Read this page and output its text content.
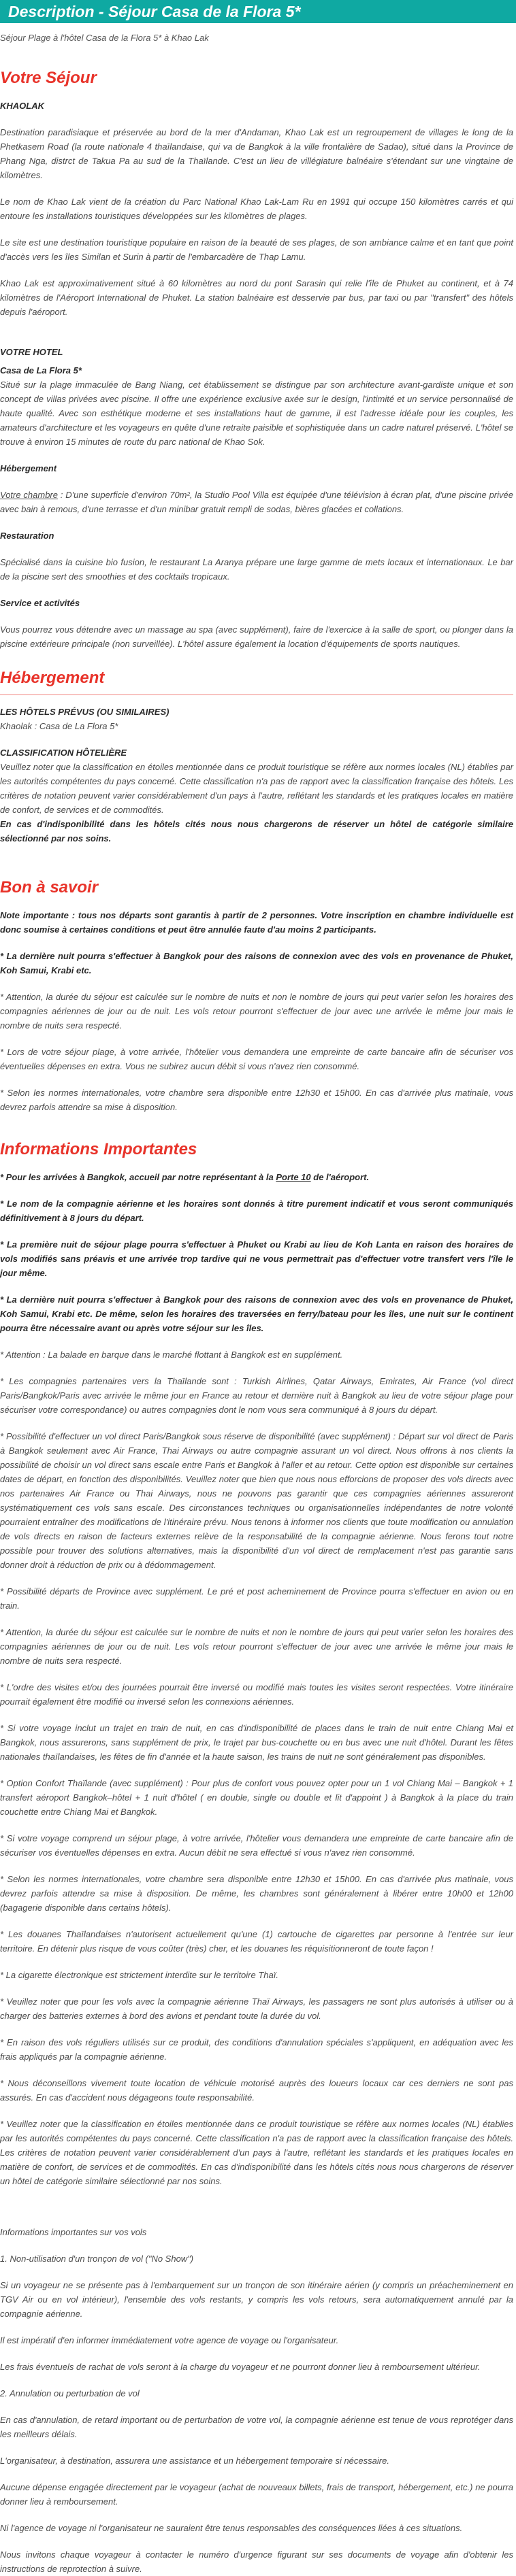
Description - Séjour Casa de la Flora 5*

Séjour Plage à l'hôtel Casa de la Flora 5* à Khao Lak

Votre Séjour

KHAOLAK

Destination paradisiaque et préservée au bord de la mer d'Andaman, Khao Lak est un regroupement de villages le long de la Phetkasem Road (la route nationale 4 thaïlandaise, qui va de Bangkok à la ville frontalière de Sadao), situé dans la Province de Phang Nga, distrct de Takua Pa au sud de la Thaïlande. C'est un lieu de villégiature balnéaire s'étendant sur une vingtaine de kilomètres.

Le nom de Khao Lak vient de la création du Parc National Khao Lak-Lam Ru en 1991 qui occupe 150 kilomètres carrés et qui entoure les installations touristiques développées sur les kilomètres de plages.

Le site est une destination touristique populaire en raison de la beauté de ses plages, de son ambiance calme et en tant que point d'accès vers les îles Similan et Surin à partir de l'embarcadère de Thap Lamu.

Khao Lak est approximativement situé à 60 kilomètres au nord du pont Sarasin qui relie l'île de Phuket au continent, et à 74 kilomètres de l'Aéroport International de Phuket. La station balnéaire est desservie par bus, par taxi ou par "transfert" des hôtels depuis l'aéroport.

VOTRE HOTEL

Casa de La Flora 5*

Situé sur la plage immaculée de Bang Niang, cet établissement se distingue par son architecture avant-gardiste unique et son concept de villas privées avec piscine. Il offre une expérience exclusive axée sur le design, l'intimité et un service personnalisé de haute qualité. Avec son esthétique moderne et ses installations haut de gamme, il est l'adresse idéale pour les couples, les amateurs d'architecture et les voyageurs en quête d'une retraite paisible et sophistiquée dans un cadre naturel préservé. L'hôtel se trouve à environ 15 minutes de route du parc national de Khao Sok.

Hébergement

Votre chambre : D'une superficie d'environ 70m², la Studio Pool Villa est équipée d'une télévision à écran plat, d'une piscine privée avec bain à remous, d'une terrasse et d'un minibar gratuit rempli de sodas, bières glacées et collations.

Restauration

Spécialisé dans la cuisine bio fusion, le restaurant La Aranya prépare une large gamme de mets locaux et internationaux. Le bar de la piscine sert des smoothies et des cocktails tropicaux.

Service et activités

Vous pourrez vous détendre avec un massage au spa (avec supplément), faire de l'exercice à la salle de sport, ou plonger dans la piscine extérieure principale (non surveillée). L'hôtel assure également la location d'équipements de sports nautiques.

Hébergement

LES HÔTELS PRÉVUS (OU SIMILAIRES)

Khaolak : Casa de La Flora 5*

CLASSIFICATION HÔTELIÈRE

Veuillez noter que la classification en étoiles mentionnée dans ce produit touristique se réfère aux normes locales (NL) établies par les autorités compétentes du pays concerné. Cette classification n'a pas de rapport avec la classification française des hôtels. Les critères de notation peuvent varier considérablement d'un pays à l'autre, reflétant les standards et les pratiques locales en matière de confort, de services et de commodités.

En cas d'indisponibilité dans les hôtels cités nous nous chargerons de réserver un hôtel de catégorie similaire sélectionné par nos soins.

Bon à savoir

Note importante : tous nos départs sont garantis à partir de 2 personnes. Votre inscription en chambre individuelle est donc soumise à certaines conditions et peut être annulée faute d'au moins 2 participants.

* La dernière nuit pourra s'effectuer à Bangkok pour des raisons de connexion avec des vols en provenance de Phuket, Koh Samui, Krabi etc.

* Attention, la durée du séjour est calculée sur le nombre de nuits et non le nombre de jours qui peut varier selon les horaires des compagnies aériennes de jour ou de nuit. Les vols retour pourront s'effectuer de jour avec une arrivée le même jour mais le nombre de nuits sera respecté.

* Lors de votre séjour plage, à votre arrivée, l'hôtelier vous demandera une empreinte de carte bancaire afin de sécuriser vos éventuelles dépenses en extra. Vous ne subirez aucun débit si vous n'avez rien consommé.

* Selon les normes internationales, votre chambre sera disponible entre 12h30 et 15h00. En cas d'arrivée plus matinale, vous devrez parfois attendre sa mise à disposition.

Informations Importantes

* Pour les arrivées à Bangkok, accueil par notre représentant à la Porte 10 de l'aéroport.

* Le nom de la compagnie aérienne et les horaires sont donnés à titre purement indicatif et vous seront communiqués définitivement à 8 jours du départ.

* La première nuit de séjour plage pourra s'effectuer à Phuket ou Krabi au lieu de Koh Lanta en raison des horaires de vols modifiés sans préavis et une arrivée trop tardive qui ne vous permettrait pas d'effectuer votre transfert vers l'île le jour même.

* La dernière nuit pourra s'effectuer à Bangkok pour des raisons de connexion avec des vols en provenance de Phuket, Koh Samui, Krabi etc. De même, selon les horaires des traversées en ferry/bateau pour les îles, une nuit sur le continent pourra être nécessaire avant ou après votre séjour sur les îles.

* Attention : La balade en barque dans le marché flottant à Bangkok est en supplément.

* Les compagnies partenaires vers la Thaïlande sont : Turkish Airlines, Qatar Airways, Emirates, Air France (vol direct Paris/Bangkok/Paris avec arrivée le même jour en France au retour et dernière nuit à Bangkok au lieu de votre séjour plage pour sécuriser votre correspondance) ou autres compagnies dont le nom vous sera communiqué à 8 jours du départ.

* Possibilité d'effectuer un vol direct Paris/Bangkok sous réserve de disponibilité (avec supplément) : Départ sur vol direct de Paris à Bangkok seulement avec Air France, Thai Airways ou autre compagnie assurant un vol direct. Nous offrons à nos clients la possibilité de choisir un vol direct sans escale entre Paris et Bangkok à l'aller et au retour. Cette option est disponible sur certaines dates de départ, en fonction des disponibilités. Veuillez noter que bien que nous nous efforcions de proposer des vols directs avec nos partenaires Air France ou Thai Airways, nous ne pouvons pas garantir que ces compagnies aériennes assureront systématiquement ces vols sans escale. Des circonstances techniques ou organisationnelles indépendantes de notre volonté pourraient entraîner des modifications de l'itinéraire prévu. Nous tenons à informer nos clients que toute modification ou annulation de vols directs en raison de facteurs externes relève de la responsabilité de la compagnie aérienne. Nous ferons tout notre possible pour trouver des solutions alternatives, mais la disponibilité d'un vol direct de remplacement n'est pas garantie sans donner droit à réduction de prix ou à dédommagement.

* Possibilité départs de Province avec supplément. Le pré et post acheminement de Province pourra s'effectuer en avion ou en train.

* Attention, la durée du séjour est calculée sur le nombre de nuits et non le nombre de jours qui peut varier selon les horaires des compagnies aériennes de jour ou de nuit. Les vols retour pourront s'effectuer de jour avec une arrivée le même jour mais le nombre de nuits sera respecté.

* L'ordre des visites et/ou des journées pourrait être inversé ou modifié mais toutes les visites seront respectées. Votre itinéraire pourrait également être modifié ou inversé selon les connexions aériennes.

* Si votre voyage inclut un trajet en train de nuit, en cas d'indisponibilité de places dans le train de nuit entre Chiang Mai et Bangkok, nous assurerons, sans supplément de prix, le trajet par bus-couchette ou en bus avec une nuit d'hôtel. Durant les fêtes nationales thaïlandaises, les fêtes de fin d'année et la haute saison, les trains de nuit ne sont généralement pas disponibles.

* Option Confort Thaïlande (avec supplément) : Pour plus de confort vous pouvez opter pour un 1 vol Chiang Mai – Bangkok + 1 transfert aéroport Bangkok–hôtel + 1 nuit d'hôtel ( en double, single ou double et lit d'appoint ) à Bangkok à la place du train couchette entre Chiang Mai et Bangkok.

* Si votre voyage comprend un séjour plage, à votre arrivée, l'hôtelier vous demandera une empreinte de carte bancaire afin de sécuriser vos éventuelles dépenses en extra. Aucun débit ne sera effectué si vous n'avez rien consommé.

* Selon les normes internationales, votre chambre sera disponible entre 12h30 et 15h00. En cas d'arrivée plus matinale, vous devrez parfois attendre sa mise à disposition. De même, les chambres sont généralement à libérer entre 10h00 et 12h00 (bagagerie disponible dans certains hôtels).

* Les douanes Thaïlandaises n'autorisent actuellement qu'une (1) cartouche de cigarettes par personne à l'entrée sur leur territoire. En détenir plus risque de vous coûter (très) cher, et les douanes les réquisitionneront de toute façon !

* La cigarette électronique est strictement interdite sur le territoire Thaï.

* Veuillez noter que pour les vols avec la compagnie aérienne Thaï Airways, les passagers ne sont plus autorisés à utiliser ou à charger des batteries externes à bord des avions et pendant toute la durée du vol.

* En raison des vols réguliers utilisés sur ce produit, des conditions d'annulation spéciales s'appliquent, en adéquation avec les frais appliqués par la compagnie aérienne.

* Nous déconseillons vivement toute location de véhicule motorisé auprès des loueurs locaux car ces derniers ne sont pas assurés. En cas d'accident nous dégageons toute responsabilité.

* Veuillez noter que la classification en étoiles mentionnée dans ce produit touristique se réfère aux normes locales (NL) établies par les autorités compétentes du pays concerné. Cette classification n'a pas de rapport avec la classification française des hôtels. Les critères de notation peuvent varier considérablement d'un pays à l'autre, reflétant les standards et les pratiques locales en matière de confort, de services et de commodités. En cas d'indisponibilité dans les hôtels cités nous nous chargerons de réserver un hôtel de catégorie similaire sélectionné par nos soins.

Informations importantes sur vos vols

1. Non-utilisation d'un tronçon de vol ("No Show")

Si un voyageur ne se présente pas à l'embarquement sur un tronçon de son itinéraire aérien (y compris un préacheminement en TGV Air ou en vol intérieur), l'ensemble des vols restants, y compris les vols retours, sera automatiquement annulé par la compagnie aérienne.

Il est impératif d'en informer immédiatement votre agence de voyage ou l'organisateur.

Les frais éventuels de rachat de vols seront à la charge du voyageur et ne pourront donner lieu à remboursement ultérieur.

2. Annulation ou perturbation de vol

En cas d'annulation, de retard important ou de perturbation de votre vol, la compagnie aérienne est tenue de vous reprotéger dans les meilleurs délais.

L'organisateur, à destination, assurera une assistance et un hébergement temporaire si nécessaire.

Aucune dépense engagée directement par le voyageur (achat de nouveaux billets, frais de transport, hébergement, etc.) ne pourra donner lieu à remboursement.

Ni l'agence de voyage ni l'organisateur ne sauraient être tenus responsables des conséquences liées à ces situations.

Nous invitons chaque voyageur à contacter le numéro d'urgence figurant sur ses documents de voyage afin d'obtenir les instructions de reprotection à suivre.
